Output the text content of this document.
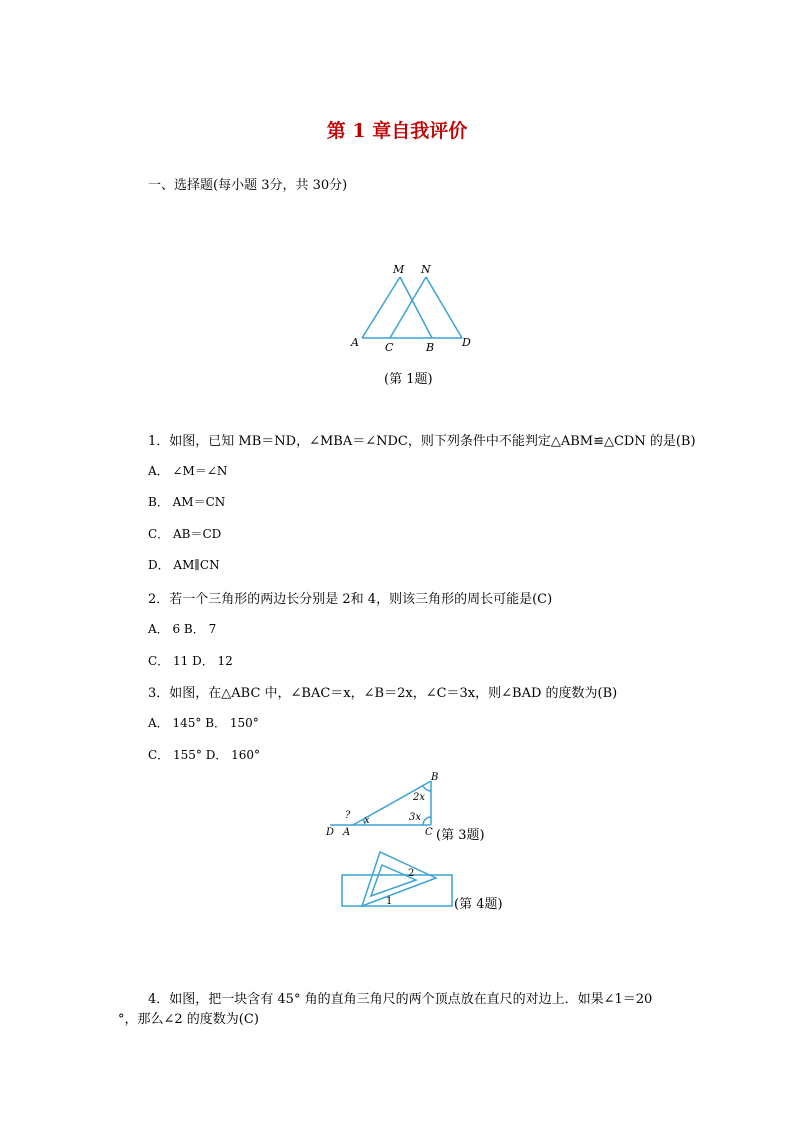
第 1 章自我评价
一、选择题(每小题 3分，共 30分)
M N
A C	B	D
(第 1题)
1．如图，已知 MB＝ND，∠MBA＝∠NDC，则下列条件中不能判定△ABM≌△CDN 的是(B)
A． ∠M＝∠N
B． AM＝CN
C． AB＝CD
D． AM∥CN
2．若一个三角形的两边长分别是 2和 4，则该三角形的周长可能是(C)
A． 6 B． 7
C． 11 D． 12
3．如图，在△ABC 中，∠BAC＝x，∠B＝2x，∠C＝3x，则∠BAD 的度数为(B)
A． 145° B． 150°
C． 155° D． 160°
B
D A	C
x
2x
3x
?
(第 3题)
1
2
(第 4题)
4．如图，把一块含有 45° 角的直角三角尺的两个顶点放在直尺的对边上．如果∠1＝20
°，那么∠2 的度数为(C)
